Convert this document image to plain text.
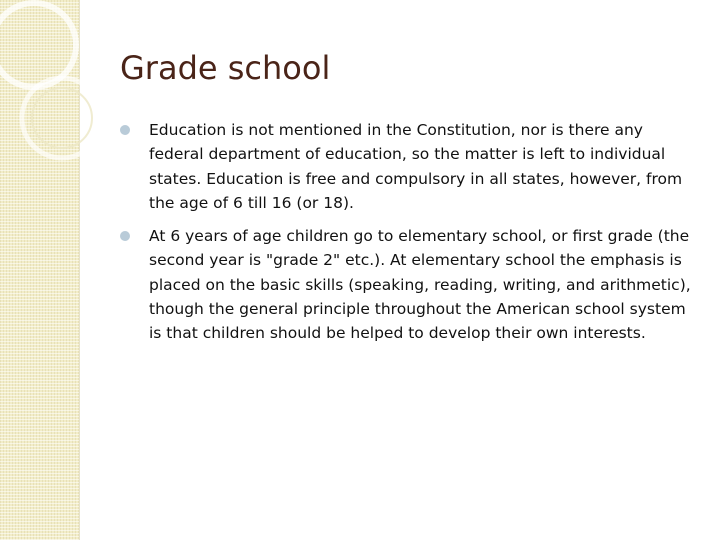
Grade school
Education is not mentioned in the Constitution, nor is there any federal department of education, so the matter is left to individual states. Education is free and compulsory in all states, however, from the age of 6 till 16 (or 18).
At 6 years of age children go to elementary school, or first grade (the second year is "grade 2" etc.). At elementary school the emphasis is placed on the basic skills (speaking, reading, writing, and arithmetic), though the general principle throughout the American school system is that children should be helped to develop their own interests.
